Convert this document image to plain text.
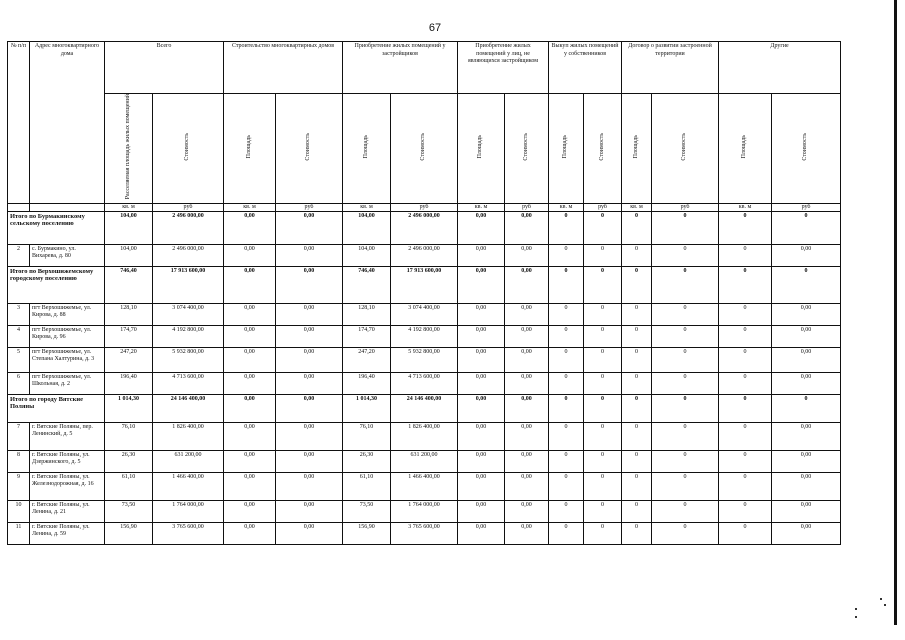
67
№ п/п	Адрес многоквартирного дома	Всего		Строительство многоквартирных домов		Приобретение жилых помещений у застройщиков		Приобретение жилых помещений у лиц, не являющихся застройщиком		Выкуп жилых помещений у собственников		Договор о развитии застроенной территории		Другие	
		Расселяемая площадь жилых помещений	Стоимость	Площадь	Стоимость	Площадь	Стоимость	Площадь	Стоимость	Площадь	Стоимость	Площадь	Стоимость	Площадь	Стоимость
		кв. м	руб	кв. м	руб	кв. м	руб	кв. м	руб	кв. м	руб	кв. м	руб	кв. м	руб
Итого по Бурмакинскому сельскому поселению		104,00	2 496 000,00	0,00	0,00	104,00	2 496 000,00	0,00	0,00	0	0	0	0	0	0
2	с. Бурмакино, ул. Вихарева, д. 80	104,00	2 496 000,00	0,00	0,00	104,00	2 496 000,00	0,00	0,00	0	0	0	0	0	0,00
Итого по Верхошижемскому городскому поселению		746,40	17 913 600,00	0,00	0,00	746,40	17 913 600,00	0,00	0,00	0	0	0	0	0	0
3	пгт Верхошижемье, ул. Кирова, д. 88	128,10	3 074 400,00	0,00	0,00	128,10	3 074 400,00	0,00	0,00	0	0	0	0	0	0,00
4	пгт Верхошижемье, ул. Кирова, д. 96	174,70	4 192 800,00	0,00	0,00	174,70	4 192 800,00	0,00	0,00	0	0	0	0	0	0,00
5	пгт Верхошижемье, ул. Степана Халтурина, д. 3	247,20	5 932 800,00	0,00	0,00	247,20	5 932 800,00	0,00	0,00	0	0	0	0	0	0,00
6	пгт Верхошижемье, ул. Школьная, д. 2	196,40	4 713 600,00	0,00	0,00	196,40	4 713 600,00	0,00	0,00	0	0	0	0	0	0,00
Итого по городу Вятские Поляны		1 014,30	24 146 400,00	0,00	0,00	1 014,30	24 146 400,00	0,00	0,00	0	0	0	0	0	0
7	г. Вятские Поляны, пер. Ленинский, д. 5	76,10	1 826 400,00	0,00	0,00	76,10	1 826 400,00	0,00	0,00	0	0	0	0	0	0,00
8	г. Вятские Поляны, ул. Дзержинского, д. 5	26,30	631 200,00	0,00	0,00	26,30	631 200,00	0,00	0,00	0	0	0	0	0	0,00
9	г. Вятские Поляны, ул. Железнодорожная, д. 16	61,10	1 466 400,00	0,00	0,00	61,10	1 466 400,00	0,00	0,00	0	0	0	0	0	0,00
10	г. Вятские Поляны, ул. Ленина, д. 21	73,50	1 764 000,00	0,00	0,00	73,50	1 764 000,00	0,00	0,00	0	0	0	0	0	0,00
11	г. Вятские Поляны, ул. Ленина, д. 59	156,90	3 765 600,00	0,00	0,00	156,90	3 765 600,00	0,00	0,00	0	0	0	0	0	0,00
